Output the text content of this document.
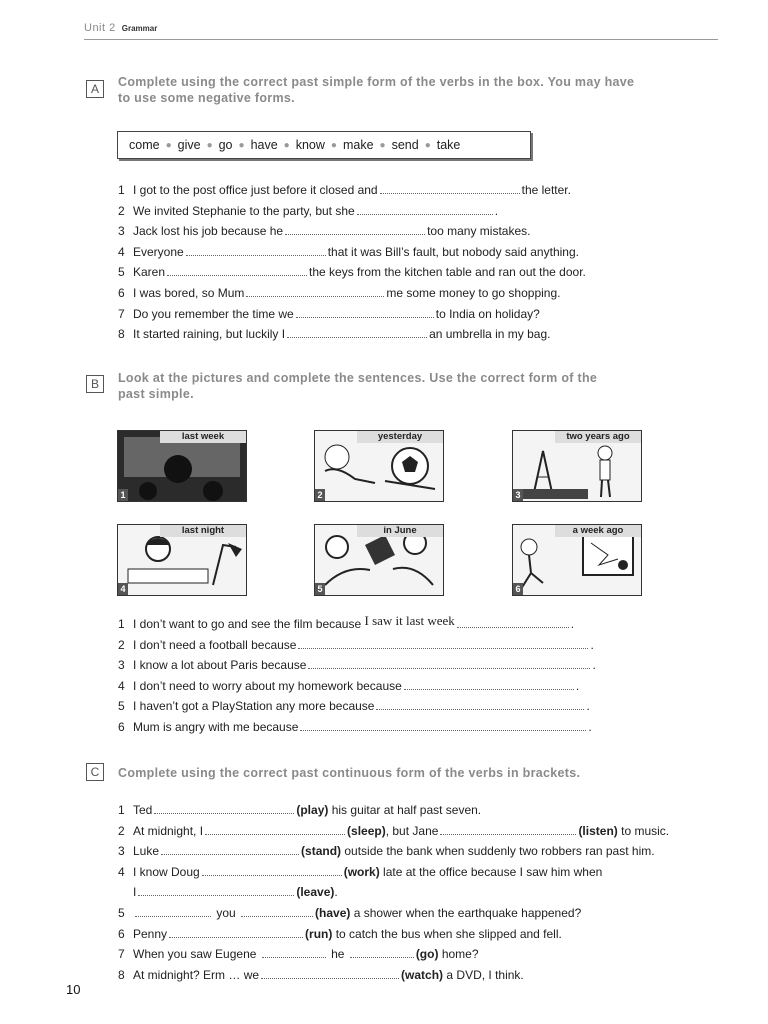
Unit 2 Grammar
A	Complete using the correct past simple form of the verbs in the box. You may have
to use some negative forms.
come ● give ● go ● have ● know ● make ● send ● take
1 I got to the post office just before it closed and	the letter.
2 We invited Stephanie to the party, but she	.
3 Jack lost his job because he	too many mistakes.
4 Everyone	that it was Bill’s fault, but nobody said anything.
5 Karen	the keys from the kitchen table and ran out the door.
6 I was bored, so Mum	me some money to go shopping.
7 Do you remember the time we	to India on holiday?
8 It started raining, but luckily I	an umbrella in my bag.
B	Look at the pictures and complete the sentences. Use the correct form of the
past simple.
last week
1
yesterday
2
two years ago
3
last night
4
in June
5
a week ago
6
1 I don’t want to go and see the film because I saw it last week	.
2 I don’t need a football because	.
3 I know a lot about Paris because	.
4 I don’t need to worry about my homework because	.
5 I haven’t got a PlayStation any more because	.
6 Mum is angry with me because	.
C	Complete using the correct past continuous form of the verbs in brackets.
1 Ted	(play) his guitar at half past seven.
2 At midnight, I	(sleep), but Jane	(listen) to music.
3 Luke	(stand) outside the bank when suddenly two robbers ran past him.
4 I know Doug	(work) late at the office because I saw him when
I	(leave).
5	you	(have) a shower when the earthquake happened?
6 Penny	(run) to catch the bus when she slipped and fell.
7 When you saw Eugene	he	(go) home?
8 At midnight? Erm … we	(watch) a DVD, I think.
10
